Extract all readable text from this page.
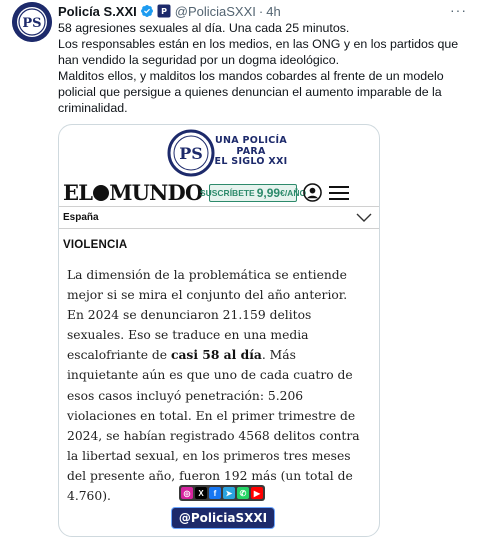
PS
Policía S.XXI	P @PoliciaSXXI · 4h	···

58 agresiones sexuales al día. Una cada 25 minutos.

Los responsables están en los medios, en las ONG y en los partidos que han vendido la seguridad por un dogma ideológico.

Malditos ellos, y malditos los mandos cobardes al frente de un modelo policial que persigue a quienes denuncian el aumento imparable de la criminalidad.

PS
UNA POLICÍA
PARA
EL SIGLO XXI
EL MUNDO
SUSCRÍBETE 9,99 €/AÑO
España
VIOLENCIA
La dimensión de la problemática se entiende mejor si se mira el conjunto del año anterior. En 2024 se denunciaron 21.159 delitos sexuales. Eso se traduce en una media escalofriante de casi 58 al día. Más inquietante aún es que uno de cada cuatro de esos casos incluyó penetración: 5.206 violaciones en total. En el primer trimestre de 2024, se habían registrado 4568 delitos contra la libertad sexual, en los primeros tres meses del presente año, fueron 192 más (un total de 4.760).	◎ X	f	➤ ✆ ▶
@PoliciaSXXI
